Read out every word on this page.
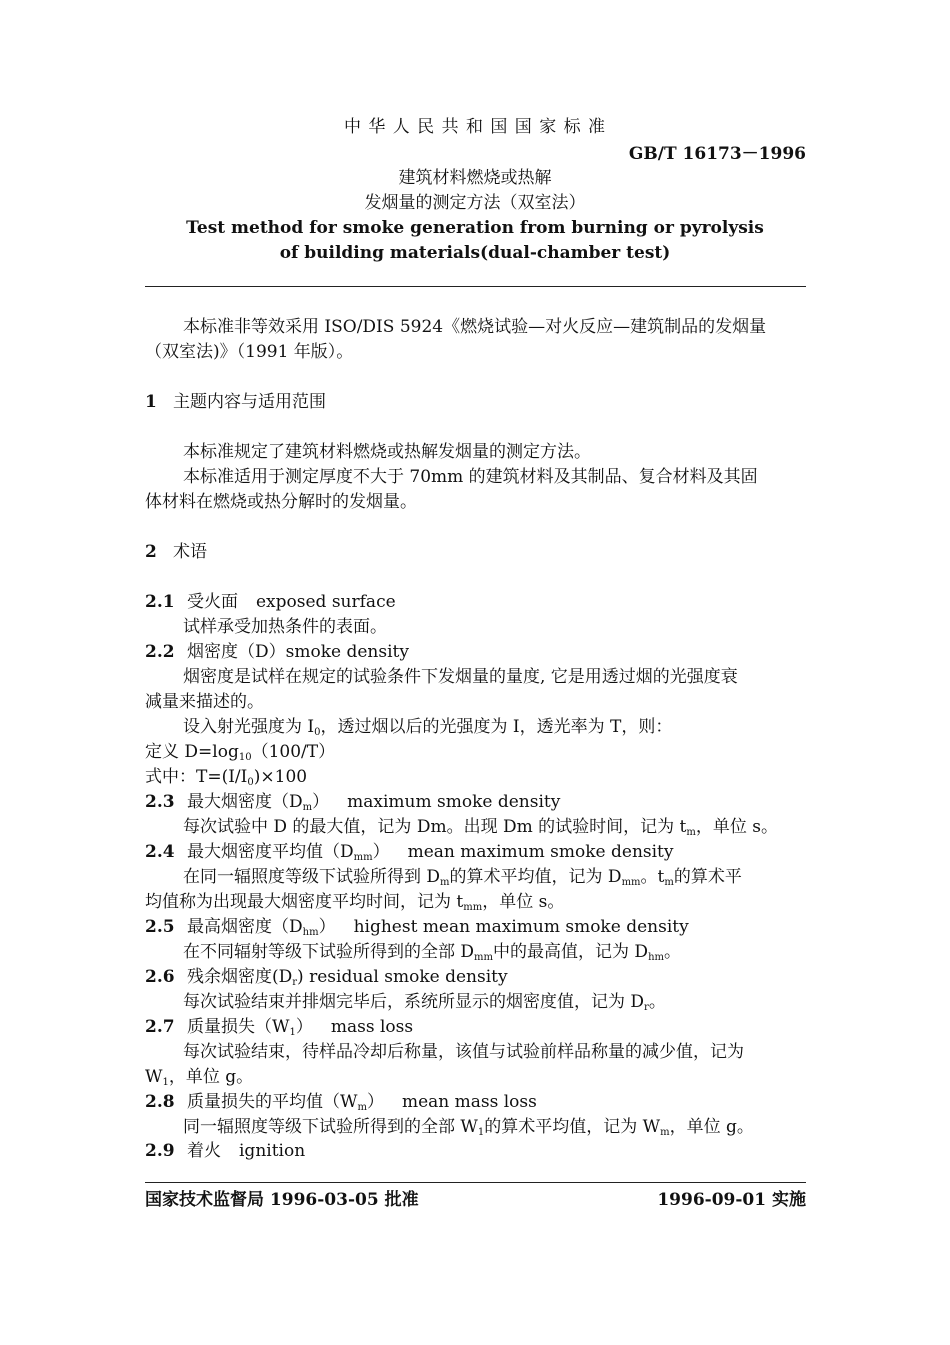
中 华 人 民 共 和 国 国 家 标 准
GB/T 16173－1996
建筑材料燃烧或热解
发烟量的测定方法（双室法）
Test method for smoke generation from burning or pyrolysis
of building materials(dual-chamber test)
本标准非等效采用 ISO/DIS 5924《燃烧试验—对火反应—建筑制品的发烟量
（双室法)》（1991 年版）。
1 主题内容与适用范围
本标准规定了建筑材料燃烧或热解发烟量的测定方法。
本标准适用于测定厚度不大于 70mm 的建筑材料及其制品、复合材料及其固
体材料在燃烧或热分解时的发烟量。
2 术语
2.1 受火面 exposed surface
试样承受加热条件的表面。
2.2 烟密度（D）smoke density
烟密度是试样在规定的试验条件下发烟量的量度, 它是用透过烟的光强度衰
减量来描述的。
设入射光强度为 $I_0$，透过烟以后的光强度为 I，透光率为 T，则：
定义 $D=\log_{10}(100/T)$
式中：$T=(I/I_0)\times 100$
2.3 最大烟密度$(D_m)$ maximum smoke density
每次试验中 D 的最大值，记为 Dm。出现 Dm 的试验时间，记为 $t_m$，单位 s。
2.4 最大烟密度平均值$(D_{mm})$ mean maximum smoke density
在同一辐照度等级下试验所得到 $D_m$的算术平均值，记为 $D_{mm}$。$t_m$的算术平
均值称为出现最大烟密度平均时间，记为 $t_{mm}$，单位 s。
2.5 最高烟密度$(D_{hm})$ highest mean maximum smoke density
在不同辐射等级下试验所得到的全部 $D_{mm}$中的最高值，记为 $D_{hm}$。
2.6 残余烟密度$(D_r)$ residual smoke density
每次试验结束并排烟完毕后，系统所显示的烟密度值，记为 $D_r$。
2.7 质量损失$(W_1)$ mass loss
每次试验结束，待样品冷却后称量，该值与试验前样品称量的减少值，记为
$W_1$，单位 g。
2.8 质量损失的平均值$(W_m)$ mean mass loss
同一辐照度等级下试验所得到的全部 $W_1$的算术平均值，记为 $W_m$，单位 g。
2.9 着火 ignition
国家技术监督局 1996-03-05 批准	1996-09-01 实施
